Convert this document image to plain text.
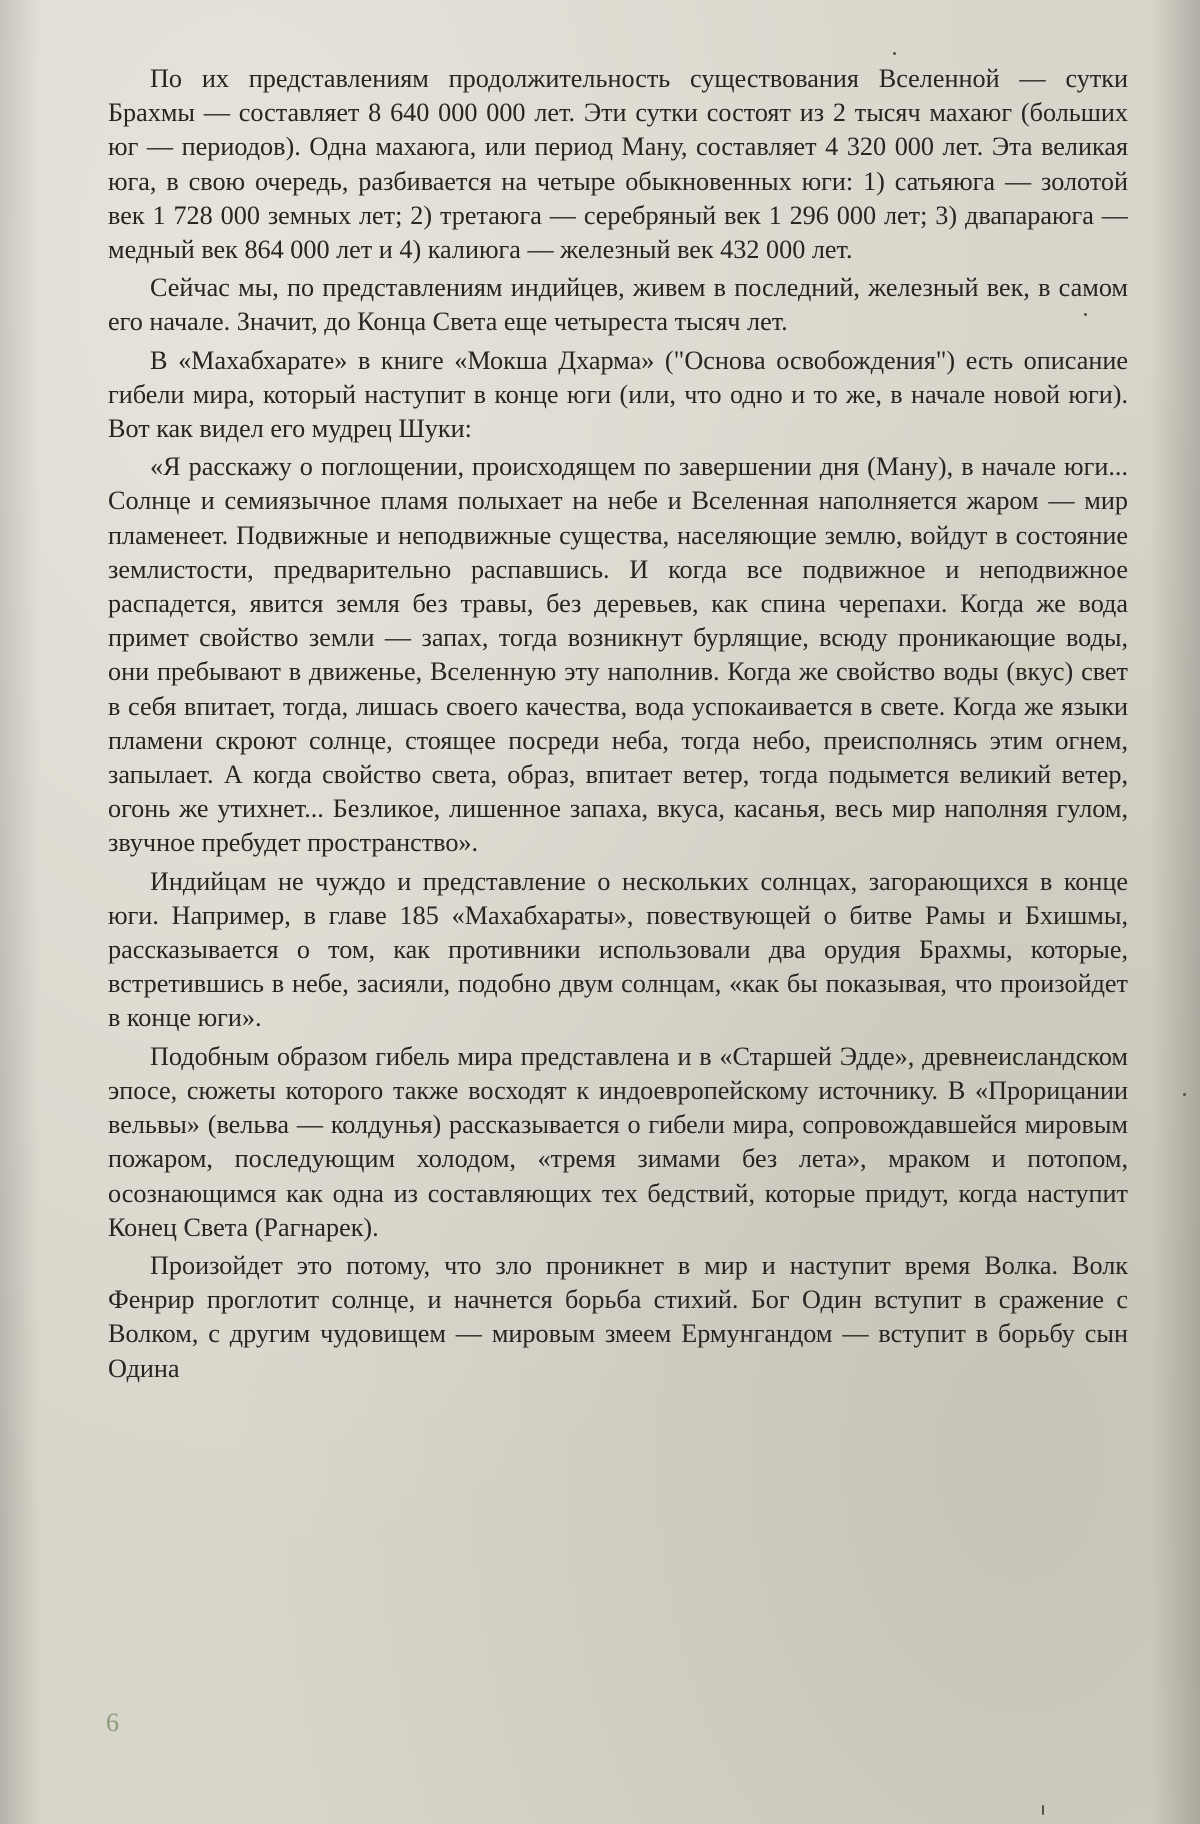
По их представлениям продолжительность существования Вселенной — сутки Брахмы — составляет 8 640 000 000 лет. Эти сутки состоят из 2 тысяч махаюг (больших юг — периодов). Одна махаюга, или период Ману, составляет 4 320 000 лет. Эта великая юга, в свою очередь, разбивается на четыре обыкновенных юги: 1) сатьяюга — золотой век 1 728 000 земных лет; 2) третаюга — серебряный век 1 296 000 лет; 3) двапараюга — медный век 864 000 лет и 4) калиюга — железный век 432 000 лет.

Сейчас мы, по представлениям индийцев, живем в последний, железный век, в самом его начале. Значит, до Конца Света еще четыреста тысяч лет.

В «Махабхарате» в книге «Мокша Дхарма» ("Основа освобождения") есть описание гибели мира, который наступит в конце юги (или, что одно и то же, в начале новой юги). Вот как видел его мудрец Шуки:

«Я расскажу о поглощении, происходящем по завершении дня (Ману), в начале юги... Солнце и семиязычное пламя полыхает на небе и Вселенная наполняется жаром — мир пламенеет. Подвижные и неподвижные существа, населяющие землю, войдут в состояние землистости, предварительно распавшись. И когда все подвижное и неподвижное распадется, явится земля без травы, без деревьев, как спина черепахи. Когда же вода примет свойство земли — запах, тогда возникнут бурлящие, всюду проникающие воды, они пребывают в движенье, Вселенную эту наполнив. Когда же свойство воды (вкус) свет в себя впитает, тогда, лишась своего качества, вода успокаивается в свете. Когда же языки пламени скроют солнце, стоящее посреди неба, тогда небо, преисполнясь этим огнем, запылает. А когда свойство света, образ, впитает ветер, тогда подымется великий ветер, огонь же утихнет... Безликое, лишенное запаха, вкуса, касанья, весь мир наполняя гулом, звучное пребудет пространство».

Индийцам не чуждо и представление о нескольких солнцах, загорающихся в конце юги. Например, в главе 185 «Махабхараты», повествующей о битве Рамы и Бхишмы, рассказывается о том, как противники использовали два орудия Брахмы, которые, встретившись в небе, засияли, подобно двум солнцам, «как бы показывая, что произойдет в конце юги».

Подобным образом гибель мира представлена и в «Старшей Эдде», древнеисландском эпосе, сюжеты которого также восходят к индоевропейскому источнику. В «Прорицании вельвы» (вельва — колдунья) рассказывается о гибели мира, сопровождавшейся мировым пожаром, последующим холодом, «тремя зимами без лета», мраком и потопом, осознающимся как одна из составляющих тех бедствий, которые придут, когда наступит Конец Света (Рагнарек).

Произойдет это потому, что зло проникнет в мир и наступит время Волка. Волк Фенрир проглотит солнце, и начнется борьба стихий. Бог Один вступит в сражение с Волком, с другим чудовищем — мировым змеем Ермунгандом — вступит в борьбу сын Одина

6
